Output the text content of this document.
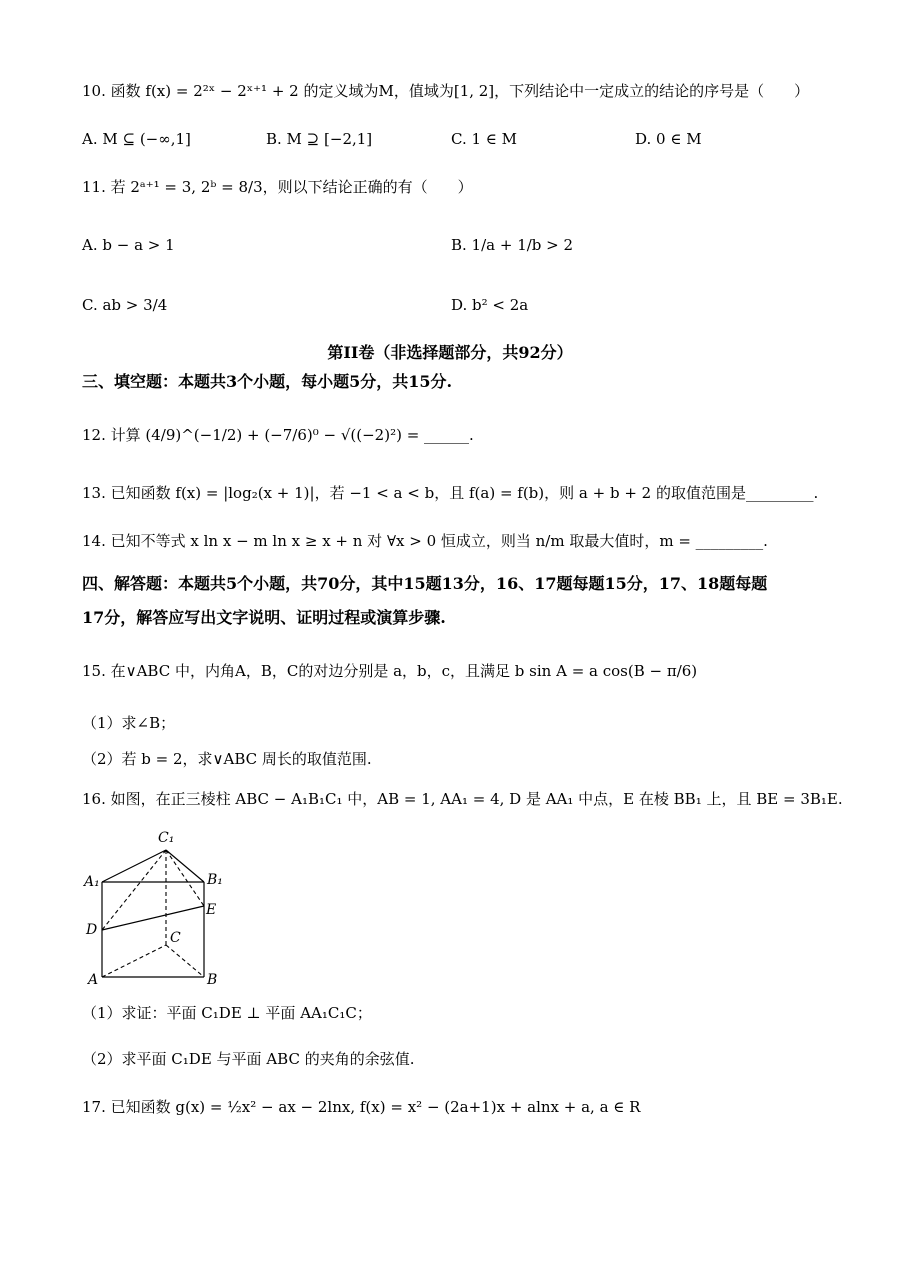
10. 函数 f(x) = 2²ˣ − 2ˣ⁺¹ + 2 的定义域为M，值域为[1, 2]，下列结论中一定成立的结论的序号是（　　）
A. M ⊆ (−∞,1]	B. M ⊇ [−2,1]	C. 1 ∈ M	D. 0 ∈ M
11. 若 2ᵃ⁺¹ = 3, 2ᵇ = 8/3，则以下结论正确的有（　　）
A. b − a > 1	B. 1/a + 1/b > 2
C. ab > 3/4	D. b² < 2a
第II卷（非选择题部分，共92分）
三、填空题：本题共3个小题，每小题5分，共15分.
12. 计算 (4/9)^(−1/2) + (−7/6)⁰ − √((−2)²) = ______.
13. 已知函数 f(x) = |log₂(x + 1)|，若 −1 < a < b，且 f(a) = f(b)，则 a + b + 2 的取值范围是_________.
14. 已知不等式 x ln x − m ln x ≥ x + n 对 ∀x > 0 恒成立，则当 n/m 取最大值时，m = _________.
四、解答题：本题共5个小题，共70分，其中15题13分，16、17题每题15分，17、18题每题
17分，解答应写出文字说明、证明过程或演算步骤.
15. 在∨ABC 中，内角A，B，C的对边分别是 a，b，c，且满足 b sin A = a cos(B − π/6)
（1）求∠B；
（2）若 b = 2，求∨ABC 周长的取值范围.
16. 如图，在正三棱柱 ABC − A₁B₁C₁ 中，AB = 1, AA₁ = 4, D 是 AA₁ 中点，E 在棱 BB₁ 上，且 BE = 3B₁E.
C₁
A₁	B₁
E
D	C
A	B
（1）求证：平面 C₁DE ⊥ 平面 AA₁C₁C；
（2）求平面 C₁DE 与平面 ABC 的夹角的余弦值.
17. 已知函数 g(x) = ½x² − ax − 2lnx, f(x) = x² − (2a+1)x + alnx + a, a ∈ R
